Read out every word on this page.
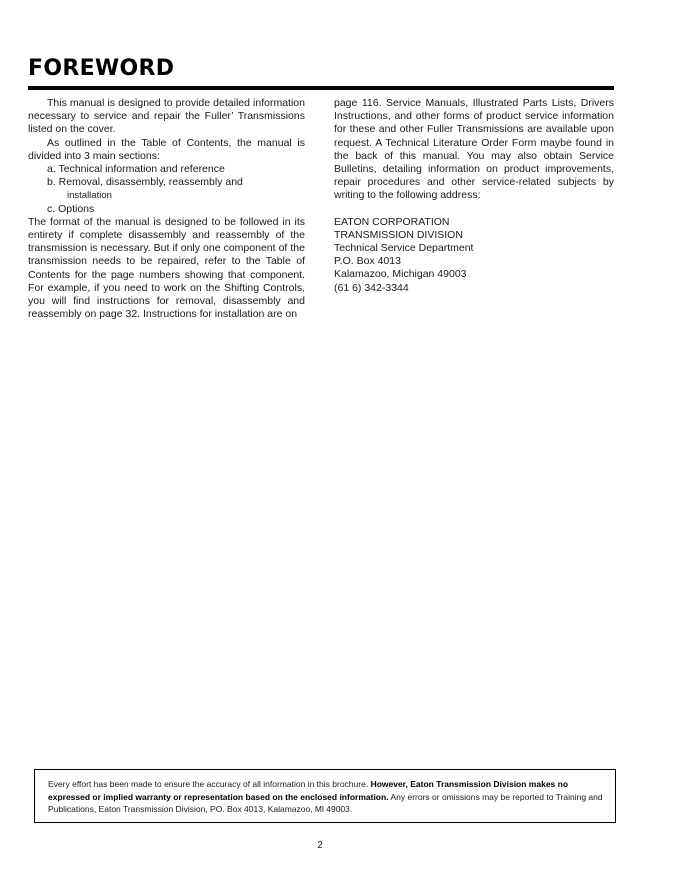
FOREWORD

This manual is designed to provide detailed information necessary to service and repair the Fuller’ Transmissions listed on the cover.

As outlined in the Table of Contents, the manual is divided into 3 main sections:

a. Technical information and reference

b. Removal, disassembly, reassembly and

installation

c. Options

The format of the manual is designed to be followed in its entirety if complete disassembly and reassembly of the transmission is necessary. But if only one component of the transmission needs to be repaired, refer to the Table of Contents for the page numbers showing that component. For example, if you need to work on the Shifting Controls, you will find instructions for removal, disassembly and reassembly on page 32. Instructions for installation are on

page 116. Service Manuals, Illustrated Parts Lists, Drivers Instructions, and other forms of product service information for these and other Fuller Transmissions are available upon request. A Technical Literature Order Form maybe found in the back of this manual. You may also obtain Service Bulletins, detailing information on product improvements, repair procedures and other service-related subjects by writing to the following address:

EATON CORPORATION
TRANSMISSION DIVISION
Technical Service Department
P.O. Box 4013
Kalamazoo, Michigan 49003
(61 6) 342-3344

Every effort has been made to ensure the accuracy of all information in this brochure. However, Eaton Transmission Division makes no expressed or implied warranty or representation based on the enclosed information. Any errors or omissions may be reported to Training and Publications, Eaton Transmission Division, PO. Box 4013, Kalamazoo, Ml 49003.
2
